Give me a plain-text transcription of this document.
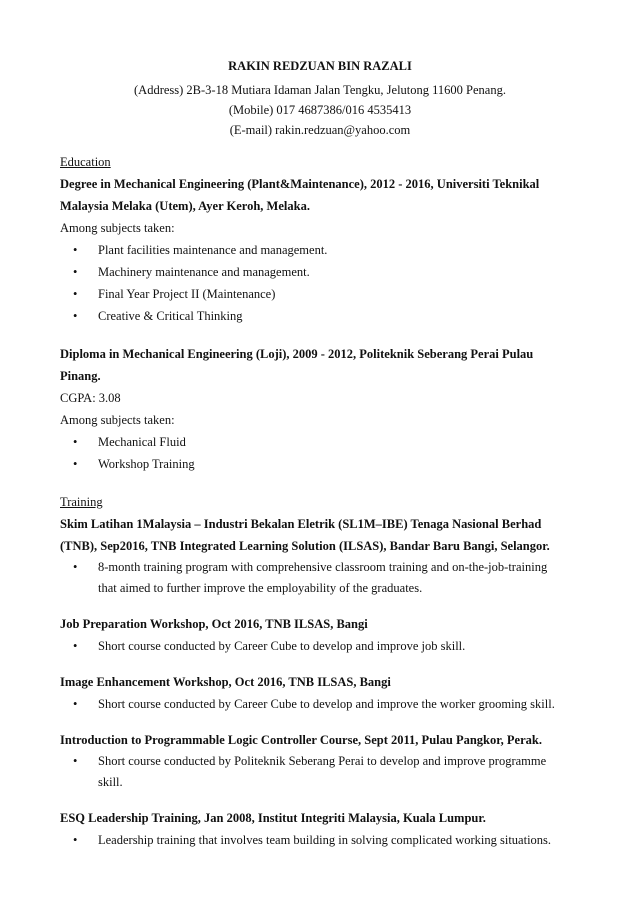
RAKIN REDZUAN BIN RAZALI
(Address) 2B-3-18 Mutiara Idaman Jalan Tengku, Jelutong 11600 Penang.
(Mobile) 017 4687386/016 4535413
(E-mail) rakin.redzuan@yahoo.com
Education
Degree in Mechanical Engineering (Plant&Maintenance), 2012 - 2016, Universiti Teknikal
Malaysia Melaka (Utem), Ayer Keroh, Melaka.
Among subjects taken:
• Plant facilities maintenance and management.
• Machinery maintenance and management.
• Final Year Project II (Maintenance)
• Creative & Critical Thinking
Diploma in Mechanical Engineering (Loji), 2009 - 2012, Politeknik Seberang Perai Pulau
Pinang.
CGPA: 3.08
Among subjects taken:
• Mechanical Fluid
• Workshop Training
Training
Skim Latihan 1Malaysia – Industri Bekalan Eletrik (SL1M–IBE) Tenaga Nasional Berhad
(TNB), Sep2016, TNB Integrated Learning Solution (ILSAS), Bandar Baru Bangi, Selangor.
• 8-month training program with comprehensive classroom training and on-the-job-training
that aimed to further improve the employability of the graduates.
Job Preparation Workshop, Oct 2016, TNB ILSAS, Bangi
• Short course conducted by Career Cube to develop and improve job skill.
Image Enhancement Workshop, Oct 2016, TNB ILSAS, Bangi
• Short course conducted by Career Cube to develop and improve the worker grooming skill.
Introduction to Programmable Logic Controller Course, Sept 2011, Pulau Pangkor, Perak.
• Short course conducted by Politeknik Seberang Perai to develop and improve programme
skill.
ESQ Leadership Training, Jan 2008, Institut Integriti Malaysia, Kuala Lumpur.
• Leadership training that involves team building in solving complicated working situations.
